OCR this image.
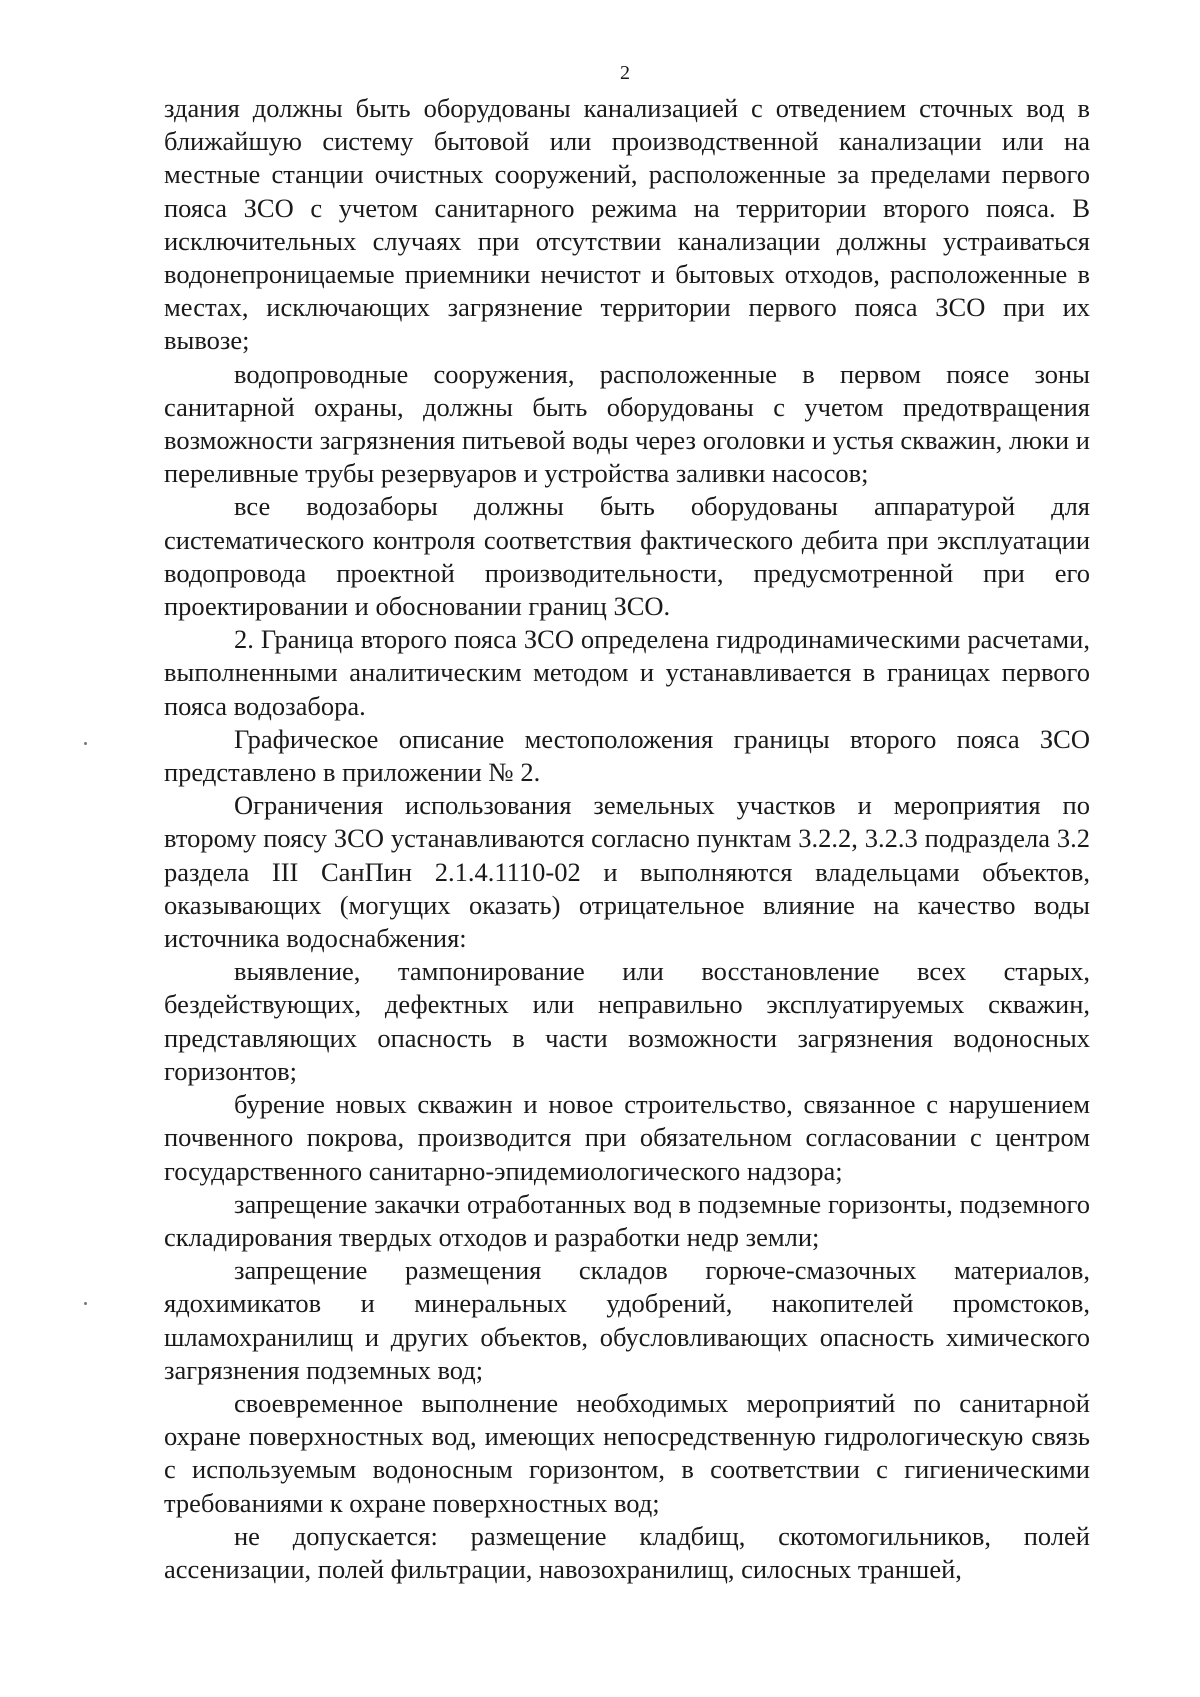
2

здания должны быть оборудованы канализацией с отведением сточных вод в ближайшую систему бытовой или производственной канализации или на местные станции очистных сооружений, расположенные за пределами первого пояса ЗСО с учетом санитарного режима на территории второго пояса. В исключительных случаях при отсутствии канализации должны устраиваться водонепроницаемые приемники нечистот и бытовых отходов, расположенные в местах, исключающих загрязнение территории первого пояса ЗСО при их вывозе;

водопроводные сооружения, расположенные в первом поясе зоны санитарной охраны, должны быть оборудованы с учетом предотвращения возможности загрязнения питьевой воды через оголовки и устья скважин, люки и переливные трубы резервуаров и устройства заливки насосов;

все водозаборы должны быть оборудованы аппаратурой для систематического контроля соответствия фактического дебита при эксплуатации водопровода проектной производительности, предусмотренной при его проектировании и обосновании границ ЗСО.

2. Граница второго пояса ЗСО определена гидродинамическими расчетами, выполненными аналитическим методом и устанавливается в границах первого пояса водозабора.

Графическое описание местоположения границы второго пояса ЗСО представлено в приложении № 2.

Ограничения использования земельных участков и мероприятия по второму поясу ЗСО устанавливаются согласно пунктам 3.2.2, 3.2.3 подраздела 3.2 раздела III СанПин 2.1.4.1110-02 и выполняются владельцами объектов, оказывающих (могущих оказать) отрицательное влияние на качество воды источника водоснабжения:

выявление, тампонирование или восстановление всех старых, бездействующих, дефектных или неправильно эксплуатируемых скважин, представляющих опасность в части возможности загрязнения водоносных горизонтов;

бурение новых скважин и новое строительство, связанное с нарушением почвенного покрова, производится при обязательном согласовании с центром государственного санитарно-эпидемиологического надзора;

запрещение закачки отработанных вод в подземные горизонты, подземного складирования твердых отходов и разработки недр земли;

запрещение размещения складов горюче-смазочных материалов, ядохимикатов и минеральных удобрений, накопителей промстоков, шламохранилищ и других объектов, обусловливающих опасность химического загрязнения подземных вод;

своевременное выполнение необходимых мероприятий по санитарной охране поверхностных вод, имеющих непосредственную гидрологическую связь с используемым водоносным горизонтом, в соответствии с гигиеническими требованиями к охране поверхностных вод;

не допускается: размещение кладбищ, скотомогильников, полей ассенизации, полей фильтрации, навозохранилищ, силосных траншей,
